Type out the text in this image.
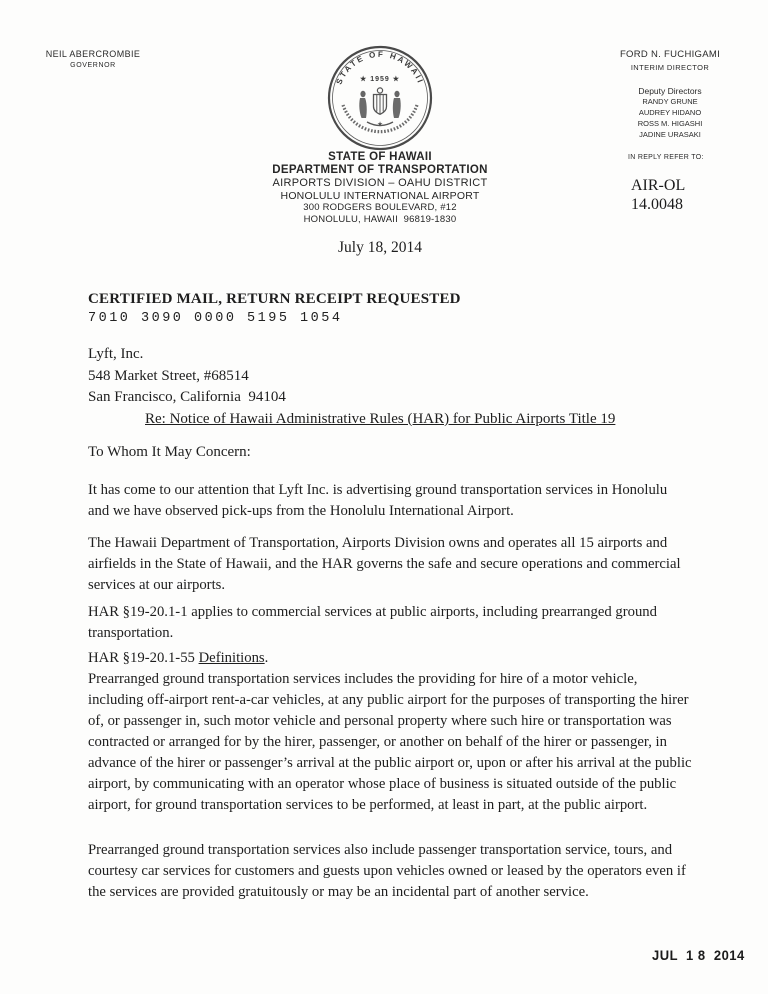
NEIL ABERCROMBIE
GOVERNOR
STATE OF HAWAII
★ 1959 ★
★
FORD N. FUCHIGAMI
INTERIM DIRECTOR
Deputy Directors
RANDY GRUNE
AUDREY HIDANO
ROSS M. HIGASHI
JADINE URASAKI
IN REPLY REFER TO:
AIR-OL
14.0048
STATE OF HAWAII
DEPARTMENT OF TRANSPORTATION
AIRPORTS DIVISION – OAHU DISTRICT
HONOLULU INTERNATIONAL AIRPORT
300 RODGERS BOULEVARD, #12
HONOLULU, HAWAII  96819-1830
July 18, 2014
CERTIFIED MAIL, RETURN RECEIPT REQUESTED
7010 3090 0000 5195 1054
Lyft, Inc.
548 Market Street, #68514
San Francisco, California  94104
Re: Notice of Hawaii Administrative Rules (HAR) for Public Airports Title 19
To Whom It May Concern:
It has come to our attention that Lyft Inc. is advertising ground transportation services in Honolulu and we have observed pick-ups from the Honolulu International Airport.
The Hawaii Department of Transportation, Airports Division owns and operates all 15 airports and airfields in the State of Hawaii, and the HAR governs the safe and secure operations and commercial services at our airports.
HAR §19-20.1-1 applies to commercial services at public airports, including prearranged ground transportation.
HAR §19-20.1-55 Definitions.
Prearranged ground transportation services includes the providing for hire of a motor vehicle, including off-airport rent-a-car vehicles, at any public airport for the purposes of transporting the hirer of, or passenger in, such motor vehicle and personal property where such hire or transportation was contracted or arranged for by the hirer, passenger, or another on behalf of the hirer or passenger, in advance of the hirer or passenger’s arrival at the public airport or, upon or after his arrival at the public airport, by communicating with an operator whose place of business is situated outside of the public airport, for ground transportation services to be performed, at least in part, at the public airport.
Prearranged ground transportation services also include passenger transportation service, tours, and courtesy car services for customers and guests upon vehicles owned or leased by the operators even if the services are provided gratuitously or may be an incidental part of another service.
JUL  1 8  2014
